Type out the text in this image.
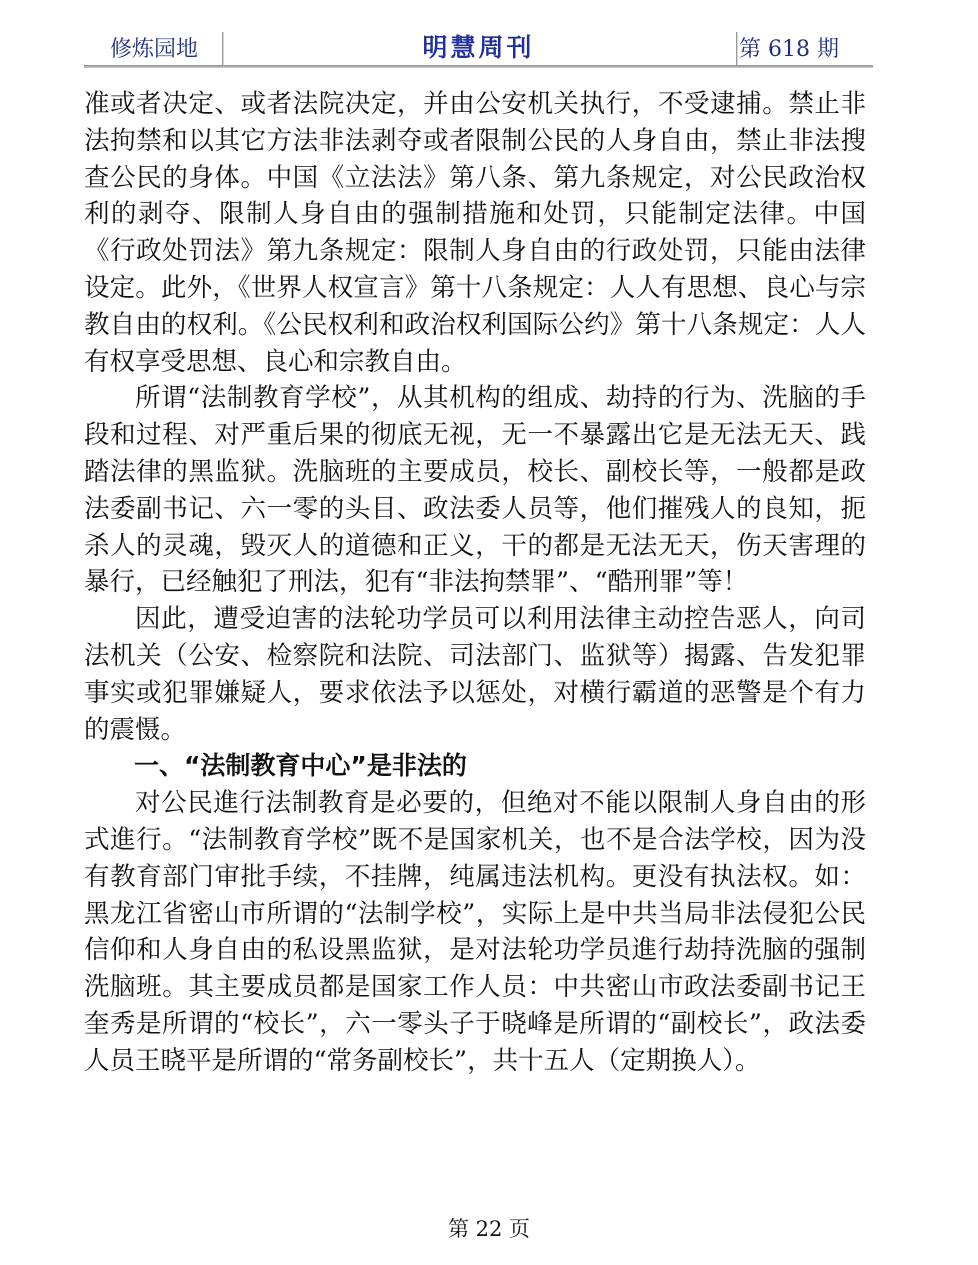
修炼园地	明慧周刊	第 618 期

准或者决定、或者法院决定，并由公安机关执行，不受逮捕。禁止非法拘禁和以其它方法非法剥夺或者限制公民的人身自由，禁止非法搜查公民的身体。中国《立法法》第八条、第九条规定，对公民政治权利的剥夺、限制人身自由的强制措施和处罚，只能制定法律。中国《行政处罚法》第九条规定：限制人身自由的行政处罚，只能由法律设定。此外，《世界人权宣言》第十八条规定：人人有思想、良心与宗教自由的权利。《公民权利和政治权利国际公约》第十八条规定：人人有权享受思想、良心和宗教自由。

所谓“法制教育学校”，从其机构的组成、劫持的行为、洗脑的手段和过程、对严重后果的彻底无视，无一不暴露出它是无法无天、践踏法律的黑监狱。洗脑班的主要成员，校长、副校长等，一般都是政法委副书记、六一零的头目、政法委人员等，他们摧残人的良知，扼杀人的灵魂，毁灭人的道德和正义，干的都是无法无天，伤天害理的暴行，已经触犯了刑法，犯有“非法拘禁罪”、“酷刑罪”等！

因此，遭受迫害的法轮功学员可以利用法律主动控告恶人，向司法机关（公安、检察院和法院、司法部门、监狱等）揭露、告发犯罪事实或犯罪嫌疑人，要求依法予以惩处，对横行霸道的恶警是个有力的震慑。

一、“法制教育中心”是非法的

对公民進行法制教育是必要的，但绝对不能以限制人身自由的形式進行。“法制教育学校”既不是国家机关，也不是合法学校，因为没有教育部门审批手续，不挂牌，纯属违法机构。更没有执法权。如：黑龙江省密山市所谓的“法制学校”，实际上是中共当局非法侵犯公民信仰和人身自由的私设黑监狱，是对法轮功学员進行劫持洗脑的强制洗脑班。其主要成员都是国家工作人员：中共密山市政法委副书记王奎秀是所谓的“校长”，六一零头子于晓峰是所谓的“副校长”，政法委人员王晓平是所谓的“常务副校长”，共十五人（定期换人）。

第 22 页
